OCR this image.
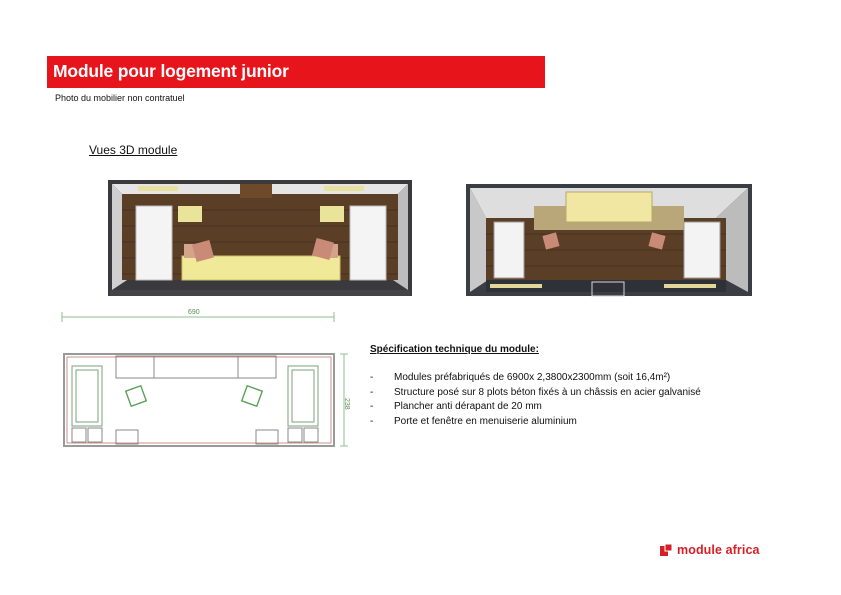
Module pour logement junior
Photo du mobilier non contratuel
Vues 3D module
690
238
Spécification technique du module:
- Modules préfabriqués de 6900x 2,3800x2300mm (soit 16,4m²)
- Structure posé sur 8 plots béton fixés à un châssis en acier galvanisé
- Plancher anti dérapant de 20 mm
- Porte et fenêtre en menuiserie aluminium
module africa
